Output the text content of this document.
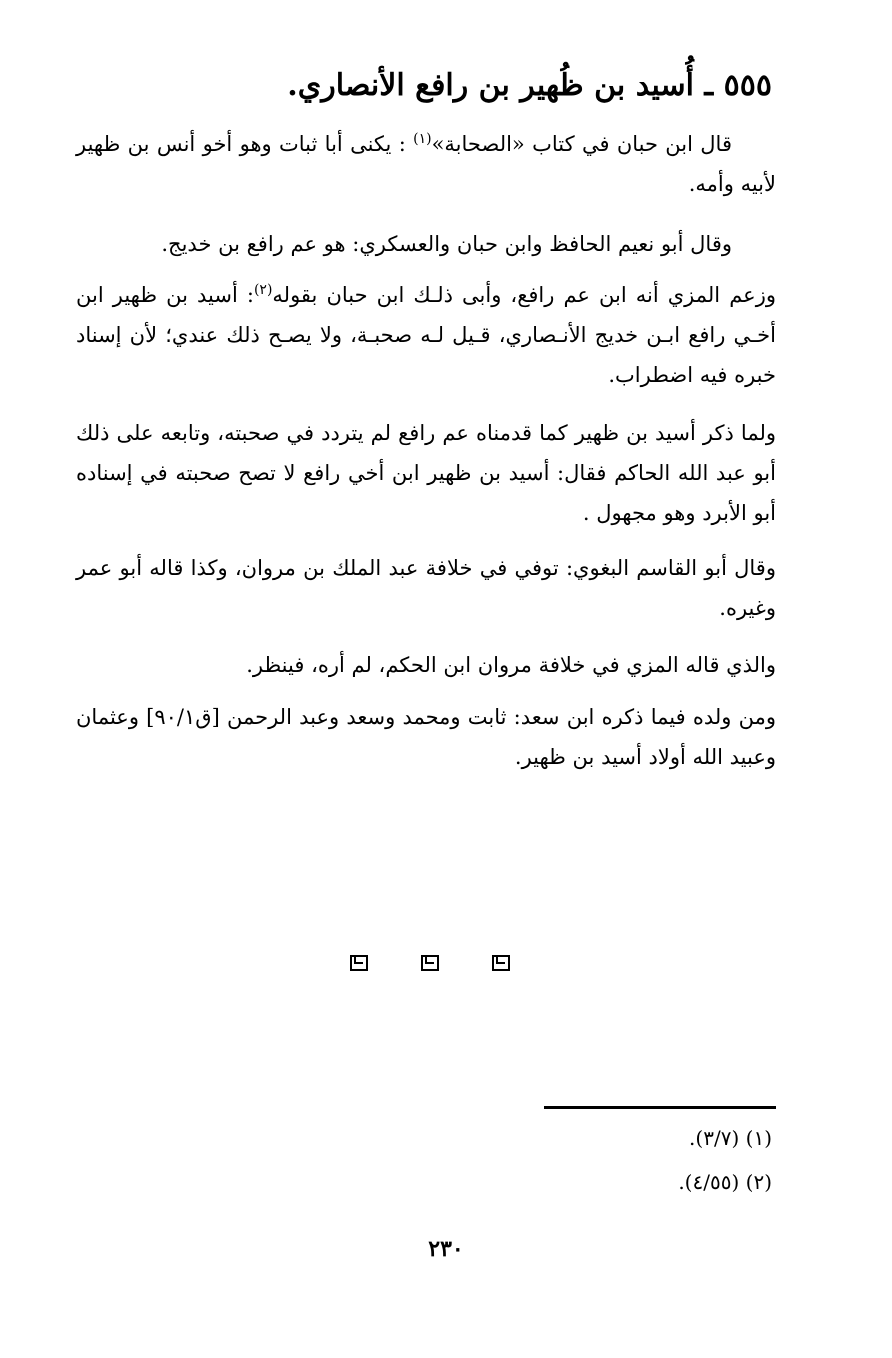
٥٥٥ ـ أُسيد بن ظُهير بن رافع الأنصاري.

قال ابن حبان في كتاب «الصحابة»$^{(١)}$ : يكنى أبا ثبات وهو أخو أنس بن ظهير لأبيه وأمه.

وقال أبو نعيم الحافظ وابن حبان والعسكري: هو عم رافع بن خديج.

وزعم المزي أنه ابن عم رافع، وأبى ذلـك ابن حبان بقوله$^{(٢)}$: أسيد بن ظهير ابن أخـي رافع ابـن خديج الأنـصاري، قـيل لـه صحبـة، ولا يصـح ذلك عندي؛ لأن إسناد خبره فيه اضطراب.

ولما ذكر أسيد بن ظهير كما قدمناه عم رافع لم يتردد في صحبته، وتابعه على ذلك أبو عبد الله الحاكم فقال: أسيد بن ظهير ابن أخي رافع لا تصح صحبته في إسناده أبو الأبرد وهو مجهول .

وقال أبو القاسم البغوي: توفي في خلافة عبد الملك بن مروان، وكذا قاله أبو عمر وغيره.

والذي قاله المزي في خلافة مروان ابن الحكم، لم أره، فينظر.

ومن ولده فيما ذكره ابن سعد: ثابت ومحمد وسعد وعبد الرحمن [ق٩٠/١] وعثمان وعبيد الله أولاد أسيد بن ظهير.

(١) (٣/٧).

(٢) (٤/٥٥).

٢٣٠
